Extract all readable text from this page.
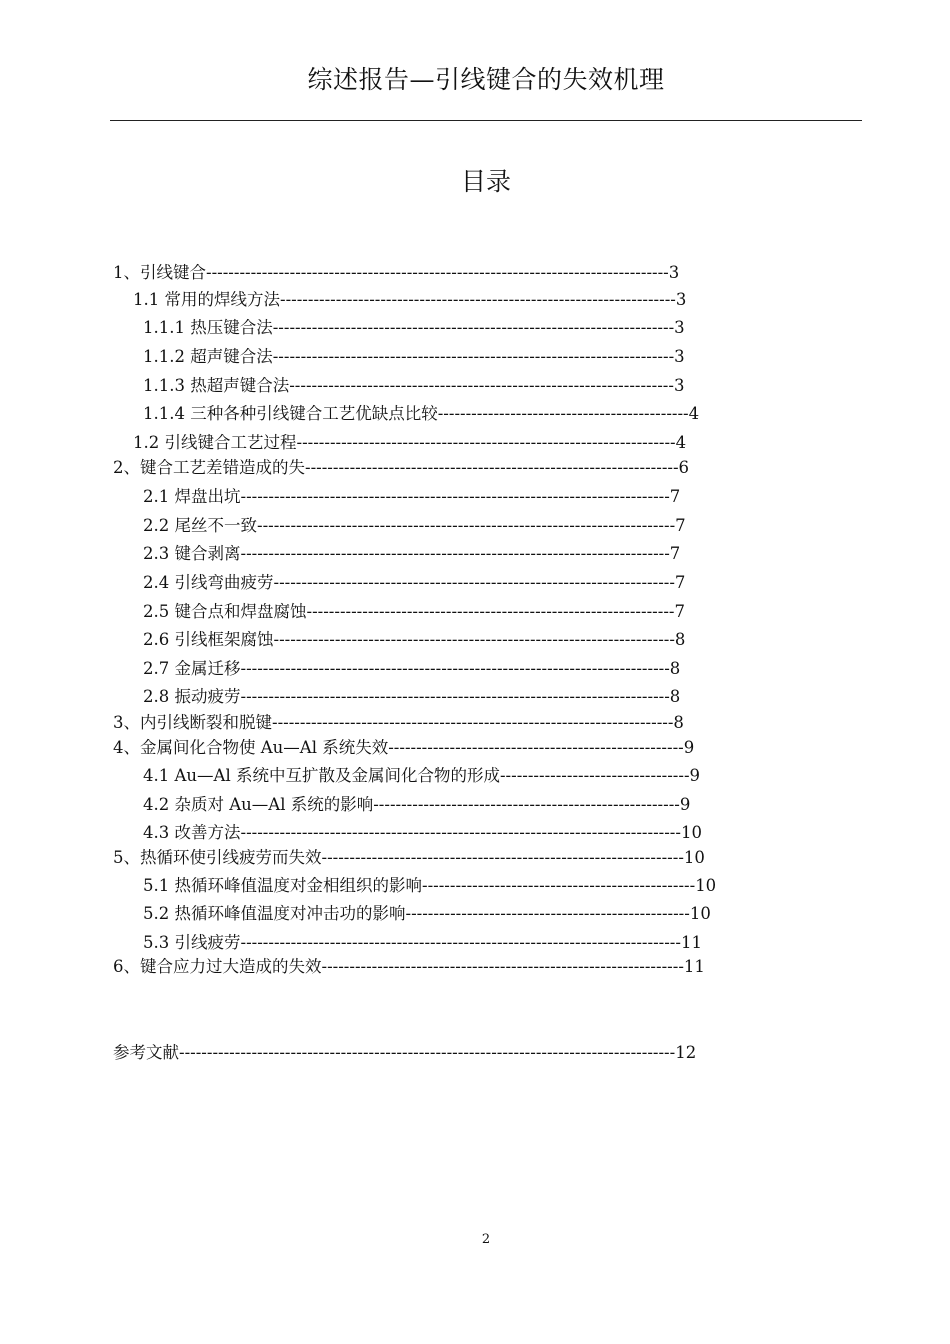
综述报告—引线键合的失效机理
目录
1、引线键合-----------------------------------------------------------------------------------3
1.1 常用的焊线方法-----------------------------------------------------------------------3
1.1.1 热压键合法------------------------------------------------------------------------3
1.1.2 超声键合法------------------------------------------------------------------------3
1.1.3 热超声键合法---------------------------------------------------------------------3
1.1.4 三种各种引线键合工艺优缺点比较---------------------------------------------4
1.2 引线键合工艺过程--------------------------------------------------------------------4
2、键合工艺差错造成的失-------------------------------------------------------------------6
2.1 焊盘出坑-----------------------------------------------------------------------------7
2.2 尾丝不一致---------------------------------------------------------------------------7
2.3 键合剥离-----------------------------------------------------------------------------7
2.4 引线弯曲疲劳------------------------------------------------------------------------7
2.5 键合点和焊盘腐蚀------------------------------------------------------------------7
2.6 引线框架腐蚀------------------------------------------------------------------------8
2.7 金属迁移-----------------------------------------------------------------------------8
2.8 振动疲劳-----------------------------------------------------------------------------8
3、内引线断裂和脱键------------------------------------------------------------------------8
4、金属间化合物使 Au—Al 系统失效-----------------------------------------------------9
4.1 Au—Al 系统中互扩散及金属间化合物的形成----------------------------------9
4.2 杂质对 Au—Al 系统的影响-------------------------------------------------------9
4.3 改善方法-------------------------------------------------------------------------------10
5、热循环使引线疲劳而失效-----------------------------------------------------------------10
5.1 热循环峰值温度对金相组织的影响-------------------------------------------------10
5.2 热循环峰值温度对冲击功的影响---------------------------------------------------10
5.3 引线疲劳-------------------------------------------------------------------------------11
6、键合应力过大造成的失效-----------------------------------------------------------------11
参考文献-----------------------------------------------------------------------------------------12
2
